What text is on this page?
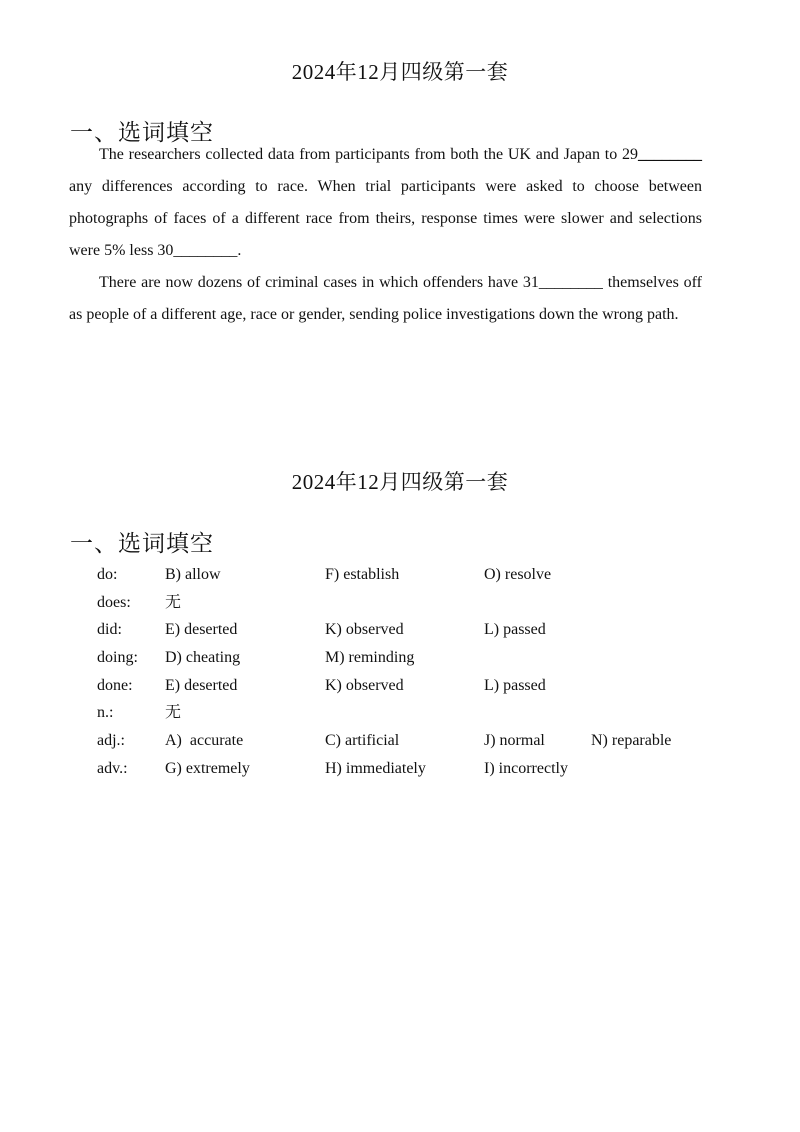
2024年12月四级第一套
一、选词填空

The researchers collected data from participants from both the UK and Japan to 29________ any differences according to race. When trial participants were asked to choose between photographs of faces of a different race from theirs, response times were slower and selections were 5% less 30________.

There are now dozens of criminal cases in which offenders have 31________ themselves off as people of a different age, race or gender, sending police investigations down the wrong path.

2024年12月四级第一套
一、选词填空
do:	B) allow	F) establish	O) resolve
does: 无
did:	E) deserted	K) observed	L) passed
doing: D) cheating	M) reminding
done: E) deserted	K) observed	L) passed
n.:	无
adj.:	A)  accurate	C) artificial	J) normal	N) reparable
adv.: G) extremely	H) immediately	I) incorrectly
